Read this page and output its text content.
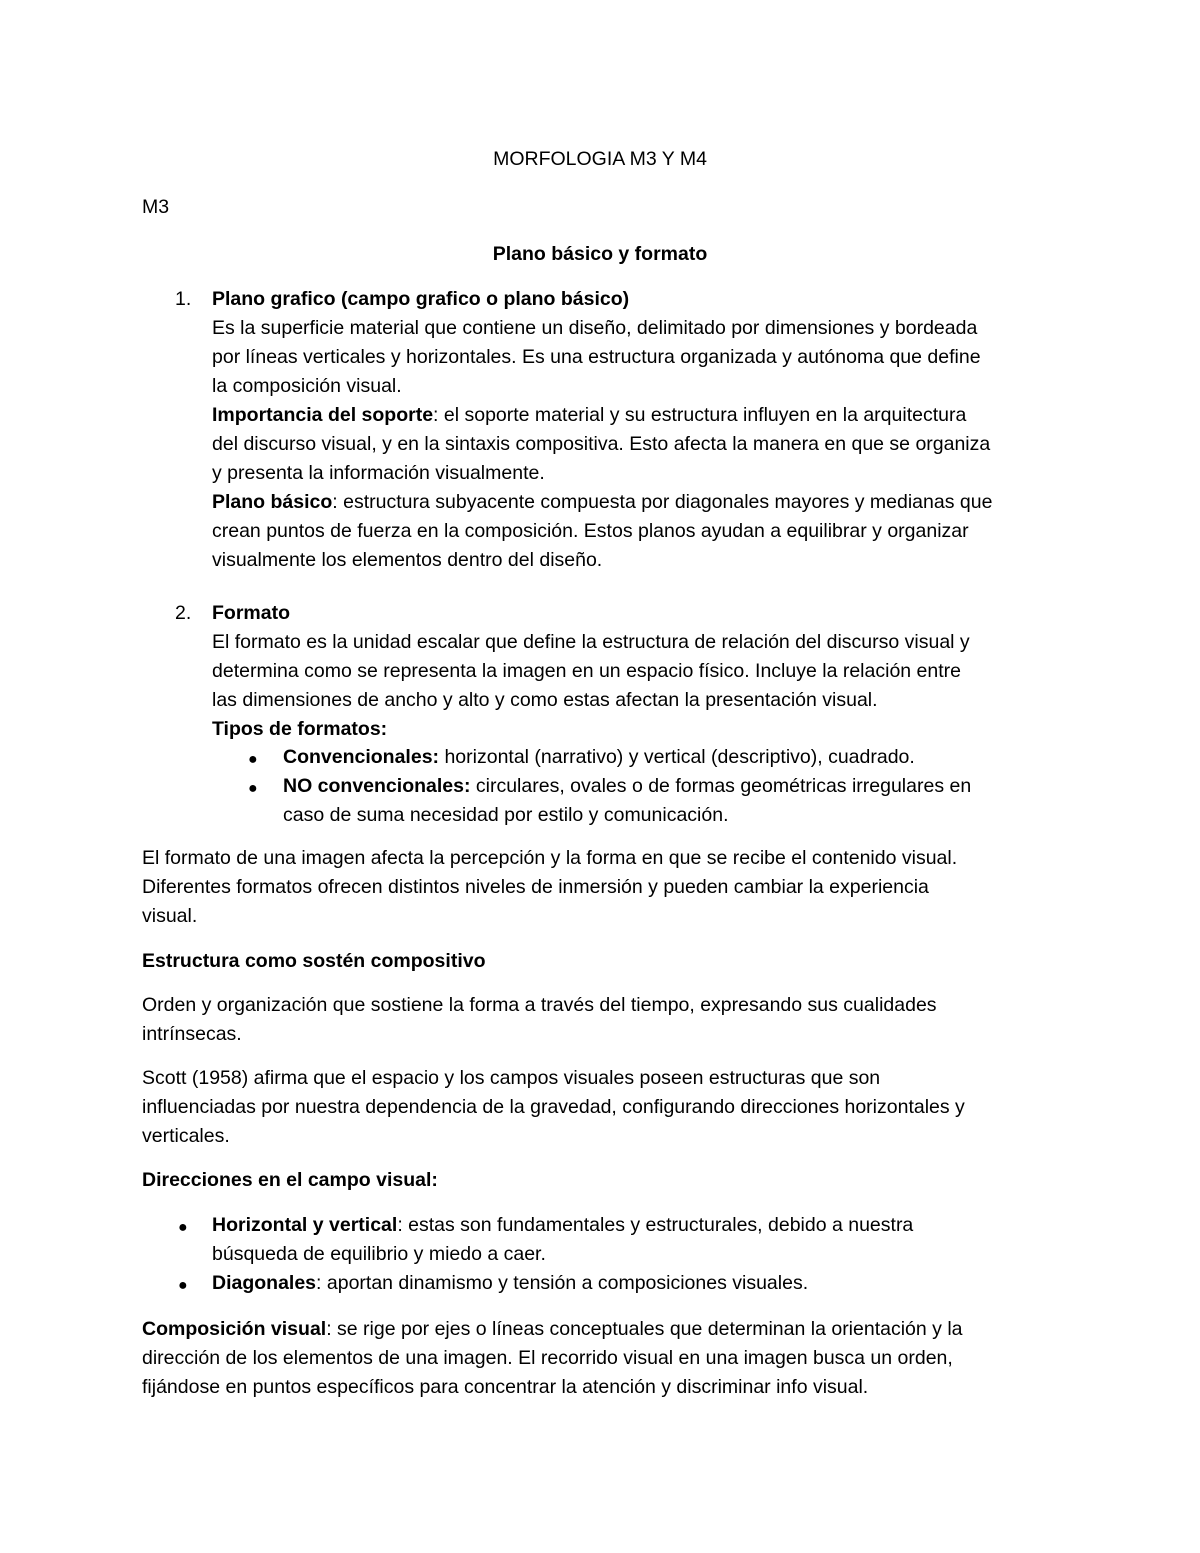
MORFOLOGIA M3 Y M4
M3
Plano básico y formato
1. Plano grafico (campo grafico o plano básico)
Es la superficie material que contiene un diseño, delimitado por dimensiones y bordeada
por líneas verticales y horizontales. Es una estructura organizada y autónoma que define
la composición visual.
Importancia del soporte: el soporte material y su estructura influyen en la arquitectura
del discurso visual, y en la sintaxis compositiva. Esto afecta la manera en que se organiza
y presenta la información visualmente.
Plano básico: estructura subyacente compuesta por diagonales mayores y medianas que
crean puntos de fuerza en la composición. Estos planos ayudan a equilibrar y organizar
visualmente los elementos dentro del diseño.
2. Formato
El formato es la unidad escalar que define la estructura de relación del discurso visual y
determina como se representa la imagen en un espacio físico. Incluye la relación entre
las dimensiones de ancho y alto y como estas afectan la presentación visual.
Tipos de formatos:
● Convencionales: horizontal (narrativo) y vertical (descriptivo), cuadrado.
● NO convencionales: circulares, ovales o de formas geométricas irregulares en
caso de suma necesidad por estilo y comunicación.
El formato de una imagen afecta la percepción y la forma en que se recibe el contenido visual.
Diferentes formatos ofrecen distintos niveles de inmersión y pueden cambiar la experiencia
visual.
Estructura como sostén compositivo
Orden y organización que sostiene la forma a través del tiempo, expresando sus cualidades
intrínsecas.
Scott (1958) afirma que el espacio y los campos visuales poseen estructuras que son
influenciadas por nuestra dependencia de la gravedad, configurando direcciones horizontales y
verticales.
Direcciones en el campo visual:
● Horizontal y vertical: estas son fundamentales y estructurales, debido a nuestra
búsqueda de equilibrio y miedo a caer.
● Diagonales: aportan dinamismo y tensión a composiciones visuales.
Composición visual: se rige por ejes o líneas conceptuales que determinan la orientación y la
dirección de los elementos de una imagen. El recorrido visual en una imagen busca un orden,
fijándose en puntos específicos para concentrar la atención y discriminar info visual.
